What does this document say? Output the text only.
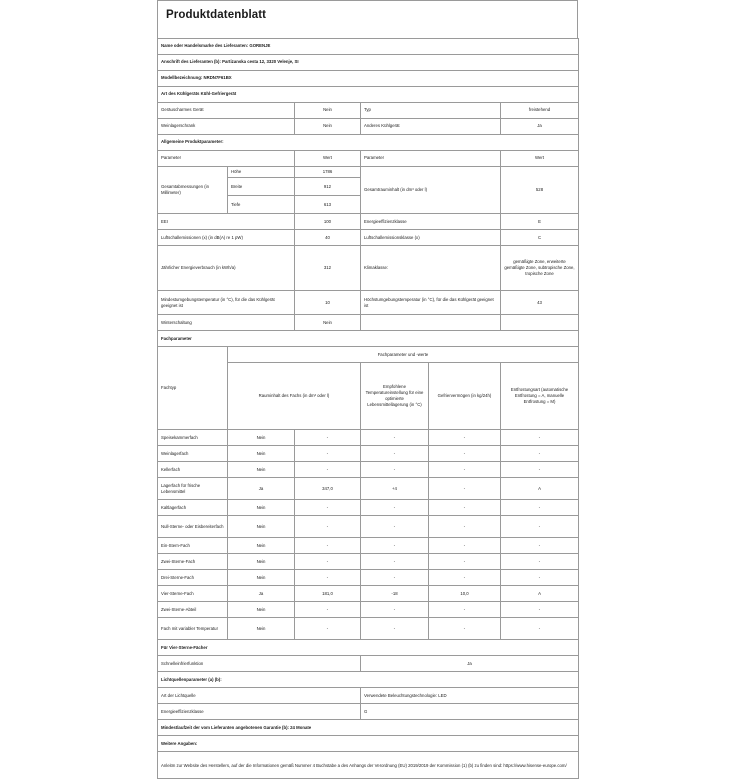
Produktdatenblatt
Name oder Handelsmarke des Lieferanten: GORENJE					
Anschrift des Lieferanten (b): Partizanska cesta 12, 3320 Velenje, SI					
Modellbezeichnung: NRDN7F61BX					
Art des Kühlgeräts Kühl-Gefriergerät					
Geräuscharmes Gerät		Nein	Typ		freistehend
Weinlagerschrank		Nein	Anderes Kühlgerät		Ja
Allgemeine Produktparameter:					
Parameter		Wert	Parameter		Wert
Gesamtabmessungen (in Millimeter)	Höhe	1786	Gesamtrauminhalt (in dm³ oder l)		528
	Breite	912			
	Tiefe	613			
EEI		100	Energieeffizienzklasse		E
Luftschallemissionen (x) (in dB(A) re 1 pW)		40	Luftschallemissionsklasse (x)		C
Jährlicher Energieverbrauch (in kWh/a)		312	Klimaklasse:		gemäßigte Zone, erweiterte gemäßigte Zone, subtropische Zone, tropische Zone
Mindestumgebungstemperatur (in °C), für die das Kühlgerät geeignet ist		10	Höchstumgebungstemperatur (in °C), für die das Kühlgerät geeignet ist		43
Winterschaltung		Nein			
Fachparameter					
Fachtyp	Fachparameter und -werte				
	Rauminhalt des Fachs (in dm³ oder l)		Empfohlene Temperatureinstellung für eine optimierte Lebensmittellagerung (in °C)	Gefriervermögen (in kg/24h)	Entfrostungsart (automatische Entfrostung = A, manuelle Entfrostung = M)
Speisekammerfach	Nein	-	-	-	-
Weinlagerfach	Nein	-	-	-	-
Kellerfach	Nein	-	-	-	-
Lagerfach für frische Lebensmittel	Ja	347,0	+4	-	A
Kaltlagerfach	Nein	-	-	-	-
Null-Sterne- oder Eisbereiterfach	Nein	-	-	-	-
Ein-Stern-Fach	Nein	-	-	-	-
Zwei-Sterne-Fach	Nein	-	-	-	-
Drei-Sterne-Fach	Nein	-	-	-	-
Vier-Sterne-Fach	Ja	181,0	-18	10,0	A
Zwei-Sterne-Abteil	Nein	-	-	-	-
Fach mit variabler Temperatur	Nein	-	-	-	-
Für Vier-Sterne-Fächer					
Schnelleinfrierfunktion			Ja		
Lichtquellenparameter (a) (b):					
Art der Lichtquelle			Verwendete Beleuchtungstechnologie: LED		
Energieeffizienzklasse			G		
Mindestlaufzeit der vom Lieferanten angebotenen Garantie (b): 24 Monate					
Weitere Angaben:					
Anleitm zur Website des Herstellers, auf der die Informationen gemäß Nummer 4 Buchstabe a des Anhangs der Verordnung (EU) 2019/2019 der Kommission (1) (b) zu finden sind: https://www.hisense-europe.com/					
